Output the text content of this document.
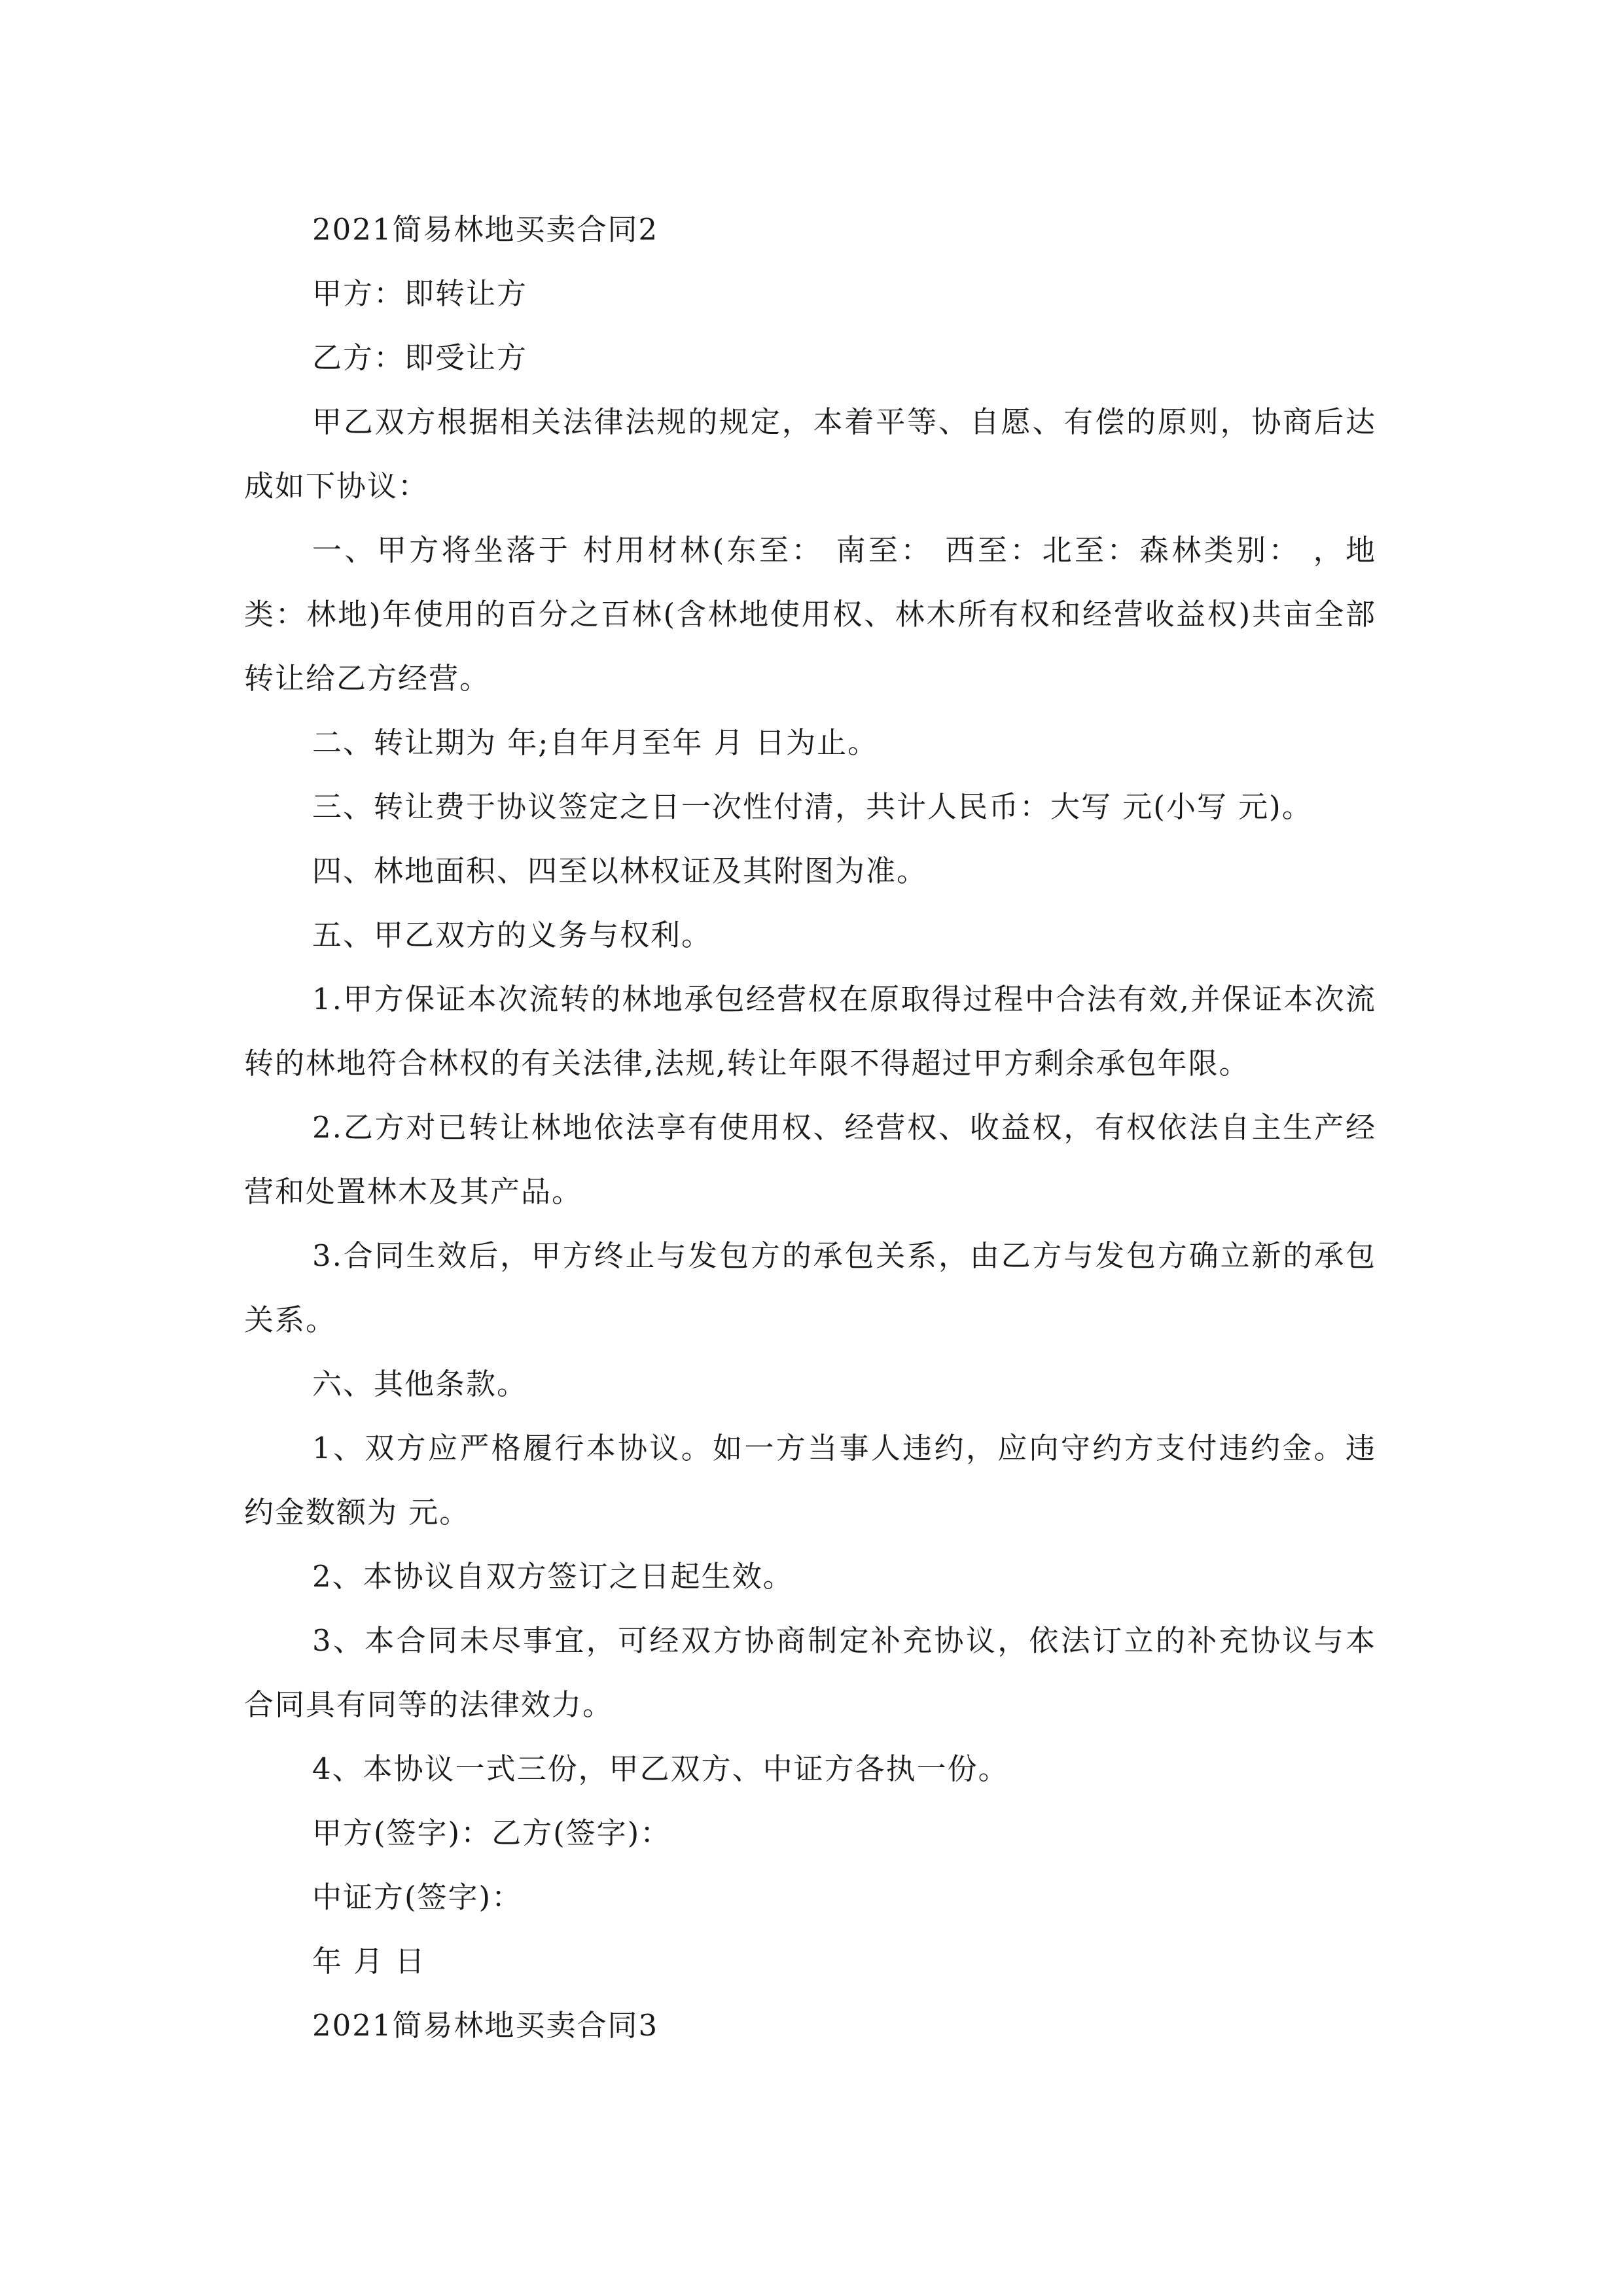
2021简易林地买卖合同2

甲方：即转让方

乙方：即受让方

甲乙双方根据相关法律法规的规定，本着平等、自愿、有偿的原则，协商后达成如下协议：

一、甲方将坐落于 村用材林(东至： 南至： 西至：北至：森林类别： ，地类：林地)年使用的百分之百林(含林地使用权、林木所有权和经营收益权)共亩全部转让给乙方经营。

二、转让期为 年;自年月至年 月 日为止。

三、转让费于协议签定之日一次性付清，共计人民币：大写 元(小写 元)。

四、林地面积、四至以林权证及其附图为准。

五、甲乙双方的义务与权利。

1.甲方保证本次流转的林地承包经营权在原取得过程中合法有效,并保证本次流转的林地符合林权的有关法律,法规,转让年限不得超过甲方剩余承包年限。

2.乙方对已转让林地依法享有使用权、经营权、收益权，有权依法自主生产经营和处置林木及其产品。

3.合同生效后，甲方终止与发包方的承包关系，由乙方与发包方确立新的承包关系。

六、其他条款。

1、双方应严格履行本协议。如一方当事人违约，应向守约方支付违约金。违约金数额为 元。

2、本协议自双方签订之日起生效。

3、本合同未尽事宜，可经双方协商制定补充协议，依法订立的补充协议与本合同具有同等的法律效力。

4、本协议一式三份，甲乙双方、中证方各执一份。

甲方(签字)：乙方(签字)：

中证方(签字)：

年 月 日

2021简易林地买卖合同3
